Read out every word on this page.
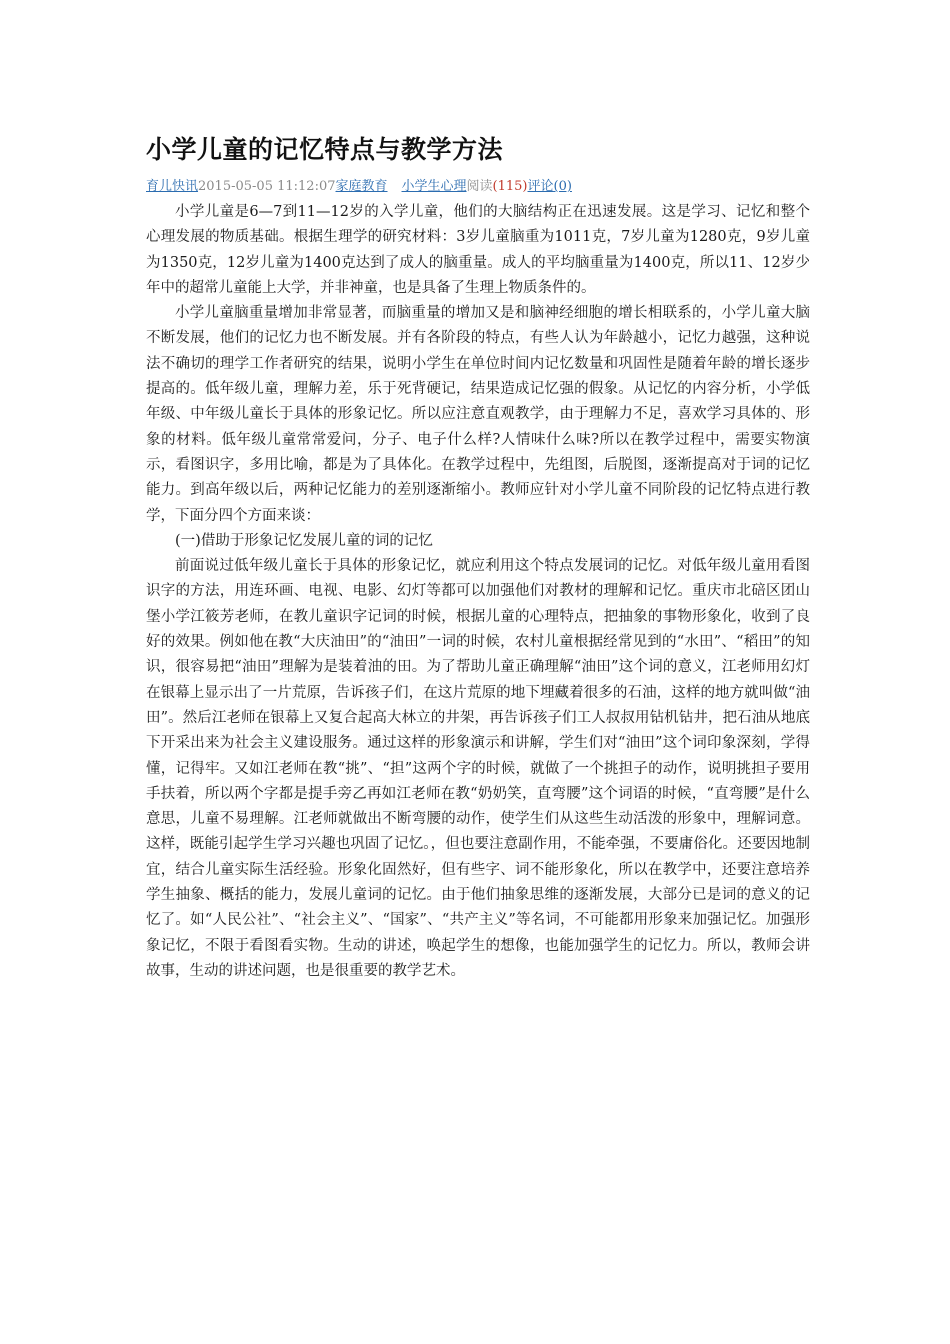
小学儿童的记忆特点与教学方法
育儿快讯2015-05-05 11:12:07家庭教育 小学生心理阅读(115)评论(0)

小学儿童是6—7到11—12岁的入学儿童，他们的大脑结构正在迅速发展。这是学习、记忆和整个心理发展的物质基础。根据生理学的研究材料：3岁儿童脑重为1011克，7岁儿童为1280克，9岁儿童为1350克，12岁儿童为1400克达到了成人的脑重量。成人的平均脑重量为1400克，所以11、12岁少年中的超常儿童能上大学，并非神童，也是具备了生理上物质条件的。

小学儿童脑重量增加非常显著，而脑重量的增加又是和脑神经细胞的增长相联系的，小学儿童大脑不断发展，他们的记忆力也不断发展。并有各阶段的特点，有些人认为年龄越小，记忆力越强，这种说法不确切的理学工作者研究的结果，说明小学生在单位时间内记忆数量和巩固性是随着年龄的增长逐步提高的。低年级儿童，理解力差，乐于死背硬记，结果造成记忆强的假象。从记忆的内容分析，小学低年级、中年级儿童长于具体的形象记忆。所以应注意直观教学，由于理解力不足，喜欢学习具体的、形象的材料。低年级儿童常常爱问，分子、电子什么样?人情味什么味?所以在教学过程中，需要实物演示，看图识字，多用比喻，都是为了具体化。在教学过程中，先组图，后脱图，逐渐提高对于词的记忆能力。到高年级以后，两种记忆能力的差别逐渐缩小。教师应针对小学儿童不同阶段的记忆特点进行教学，下面分四个方面来谈：

(一)借助于形象记忆发展儿童的词的记忆

前面说过低年级儿童长于具体的形象记忆，就应利用这个特点发展词的记忆。对低年级儿童用看图识字的方法，用连环画、电视、电影、幻灯等都可以加强他们对教材的理解和记忆。重庆市北碚区团山堡小学江筱芳老师，在教儿童识字记词的时候，根据儿童的心理特点，把抽象的事物形象化，收到了良好的效果。例如他在教“大庆油田”的“油田”一词的时候，农村儿童根据经常见到的“水田”、“稻田”的知识，很容易把“油田”理解为是装着油的田。为了帮助儿童正确理解“油田”这个词的意义，江老师用幻灯在银幕上显示出了一片荒原，告诉孩子们，在这片荒原的地下埋藏着很多的石油，这样的地方就叫做“油田”。然后江老师在银幕上又复合起高大林立的井架，再告诉孩子们工人叔叔用钻机钻井，把石油从地底下开采出来为社会主义建设服务。通过这样的形象演示和讲解，学生们对“油田”这个词印象深刻，学得懂，记得牢。又如江老师在教“挑”、“担”这两个字的时候，就做了一个挑担子的动作，说明挑担子要用手扶着，所以两个字都是提手旁乙再如江老师在教“奶奶笑，直弯腰”这个词语的时候，“直弯腰”是什么意思，儿童不易理解。江老师就做出不断弯腰的动作，使学生们从这些生动活泼的形象中，理解词意。这样，既能引起学生学习兴趣也巩固了记忆。，但也要注意副作用，不能牵强，不要庸俗化。还要因地制宜，结合儿童实际生活经验。形象化固然好，但有些字、词不能形象化，所以在教学中，还要注意培养学生抽象、概括的能力，发展儿童词的记忆。由于他们抽象思维的逐渐发展，大部分已是词的意义的记忆了。如“人民公社”、“社会主义”、“国家”、“共产主义”等名词，不可能都用形象来加强记忆。加强形象记忆，不限于看图看实物。生动的讲述，唤起学生的想像，也能加强学生的记忆力。所以，教师会讲故事，生动的讲述问题，也是很重要的教学艺术。
